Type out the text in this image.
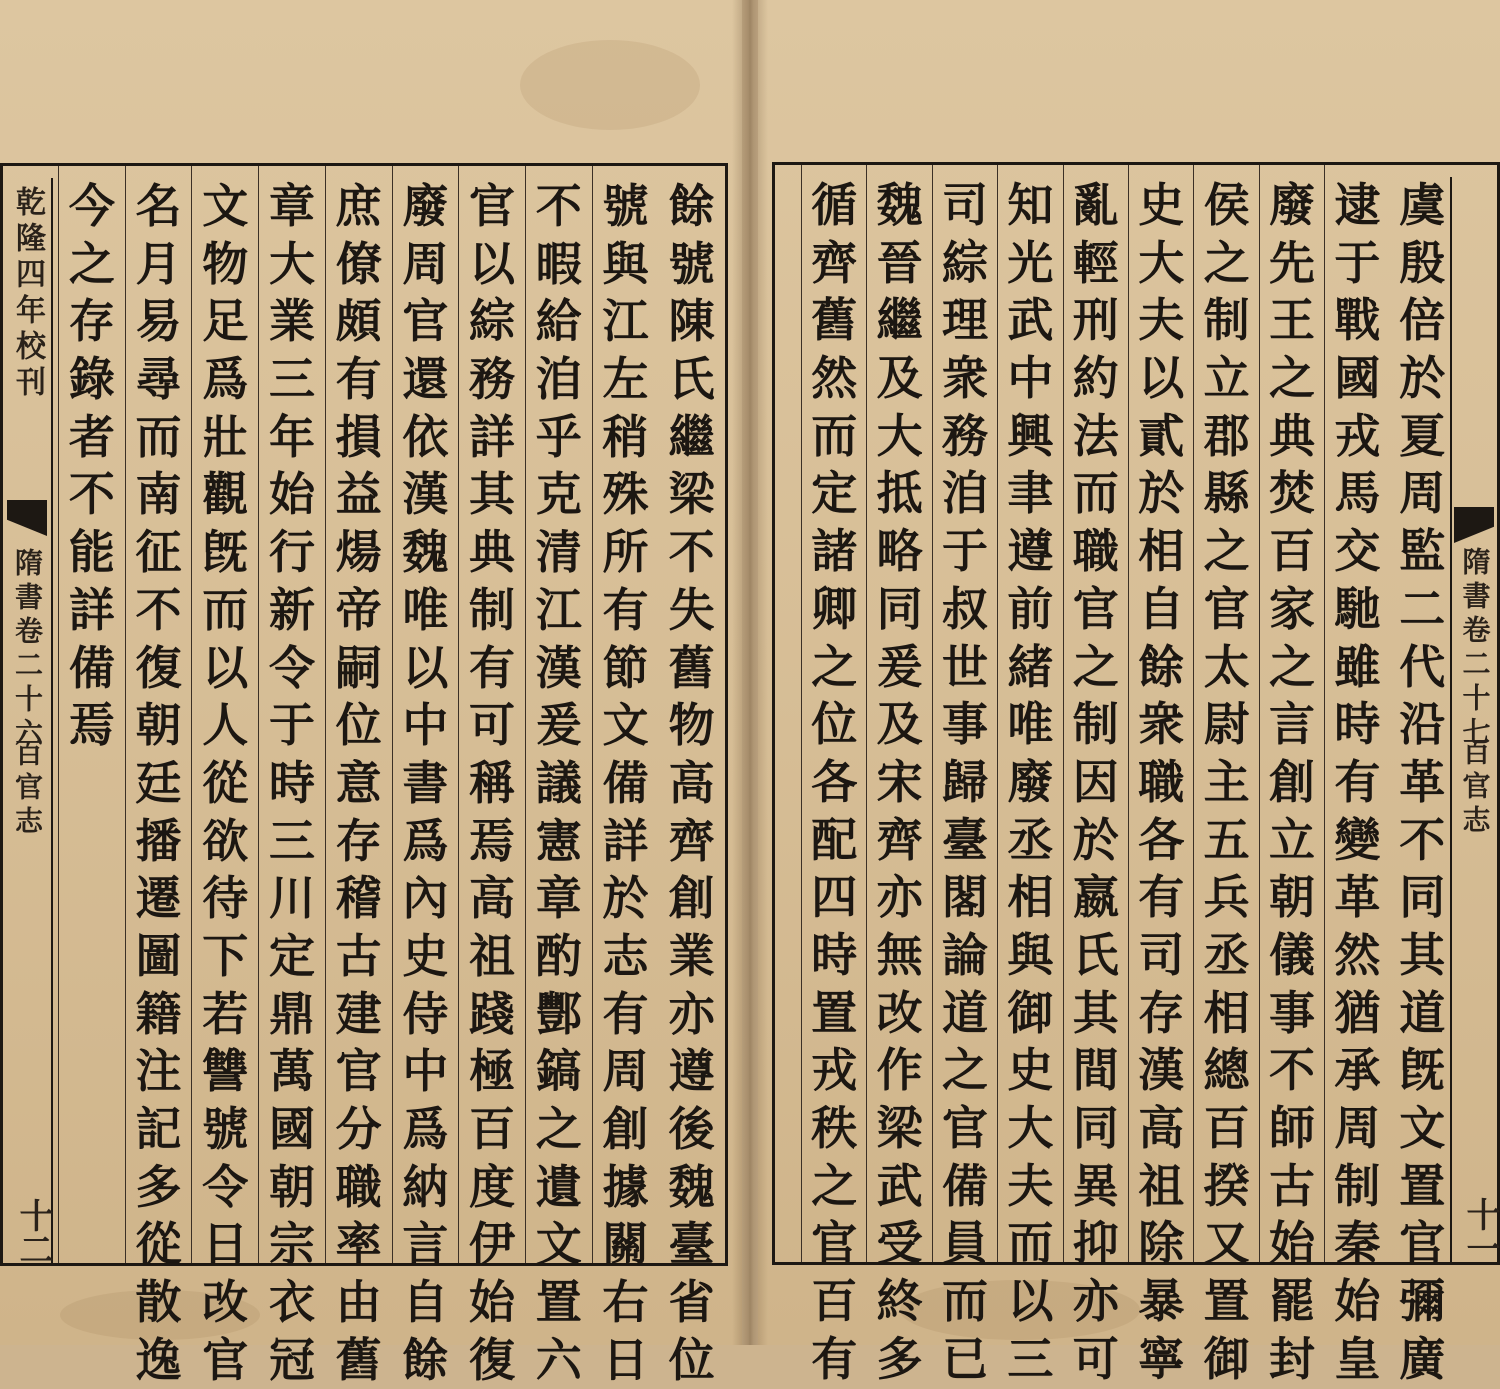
虞
殷
倍
於
夏
周
監
二
代
沿
革
不
同
其
道
旣
文
置
官
彌
廣
逮
于
戰
國
戎
馬
交
馳
雖
時
有
變
革
然
猶
承
周
制
秦
始
皇
廢
先
王
之
典
焚
百
家
之
言
創
立
朝
儀
事
不
師
古
始
罷
封
侯
之
制
立
郡
縣
之
官
太
尉
主
五
兵
丞
相
總
百
揆
又
置
御
史
大
夫
以
貳
於
相
自
餘
衆
職
各
有
司
存
漢
高
祖
除
暴
寧
亂
輕
刑
約
法
而
職
官
之
制
因
於
嬴
氏
其
間
同
異
抑
亦
可
知
光
武
中
興
聿
遵
前
緒
唯
廢
丞
相
與
御
史
大
夫
而
以
三
司
綜
理
衆
務
洎
于
叔
世
事
歸
臺
閣
論
道
之
官
備
員
而
已
魏
晉
繼
及
大
抵
略
同
爰
及
宋
齊
亦
無
改
作
梁
武
受
終
多
循
齊
舊
然
而
定
諸
卿
之
位
各
配
四
時
置
戎
秩
之
官
百
有
隋書卷二十七
百官志
十一
乾隆四年校刊
隋書卷二十六
百官志
十二
餘
號
陳
氏
繼
梁
不
失
舊
物
高
齊
創
業
亦
遵
後
魏
臺
省
位
號
與
江
左
稍
殊
所
有
節
文
備
詳
於
志
有
周
創
據
關
右
日
不
暇
給
洎
乎
克
清
江
漢
爰
議
憲
章
酌
酆
鎬
之
遺
文
置
六
官
以
綜
務
詳
其
典
制
有
可
稱
焉
高
祖
踐
極
百
度
伊
始
復
廢
周
官
還
依
漢
魏
唯
以
中
書
爲
內
史
侍
中
爲
納
言
自
餘
庶
僚
頗
有
損
益
煬
帝
嗣
位
意
存
稽
古
建
官
分
職
率
由
舊
章
大
業
三
年
始
行
新
令
于
時
三
川
定
鼎
萬
國
朝
宗
衣
冠
文
物
足
爲
壯
觀
旣
而
以
人
從
欲
待
下
若
讐
號
令
日
改
官
名
月
易
尋
而
南
征
不
復
朝
廷
播
遷
圖
籍
注
記
多
從
散
逸
今
之
存
錄
者
不
能
詳
備
焉
